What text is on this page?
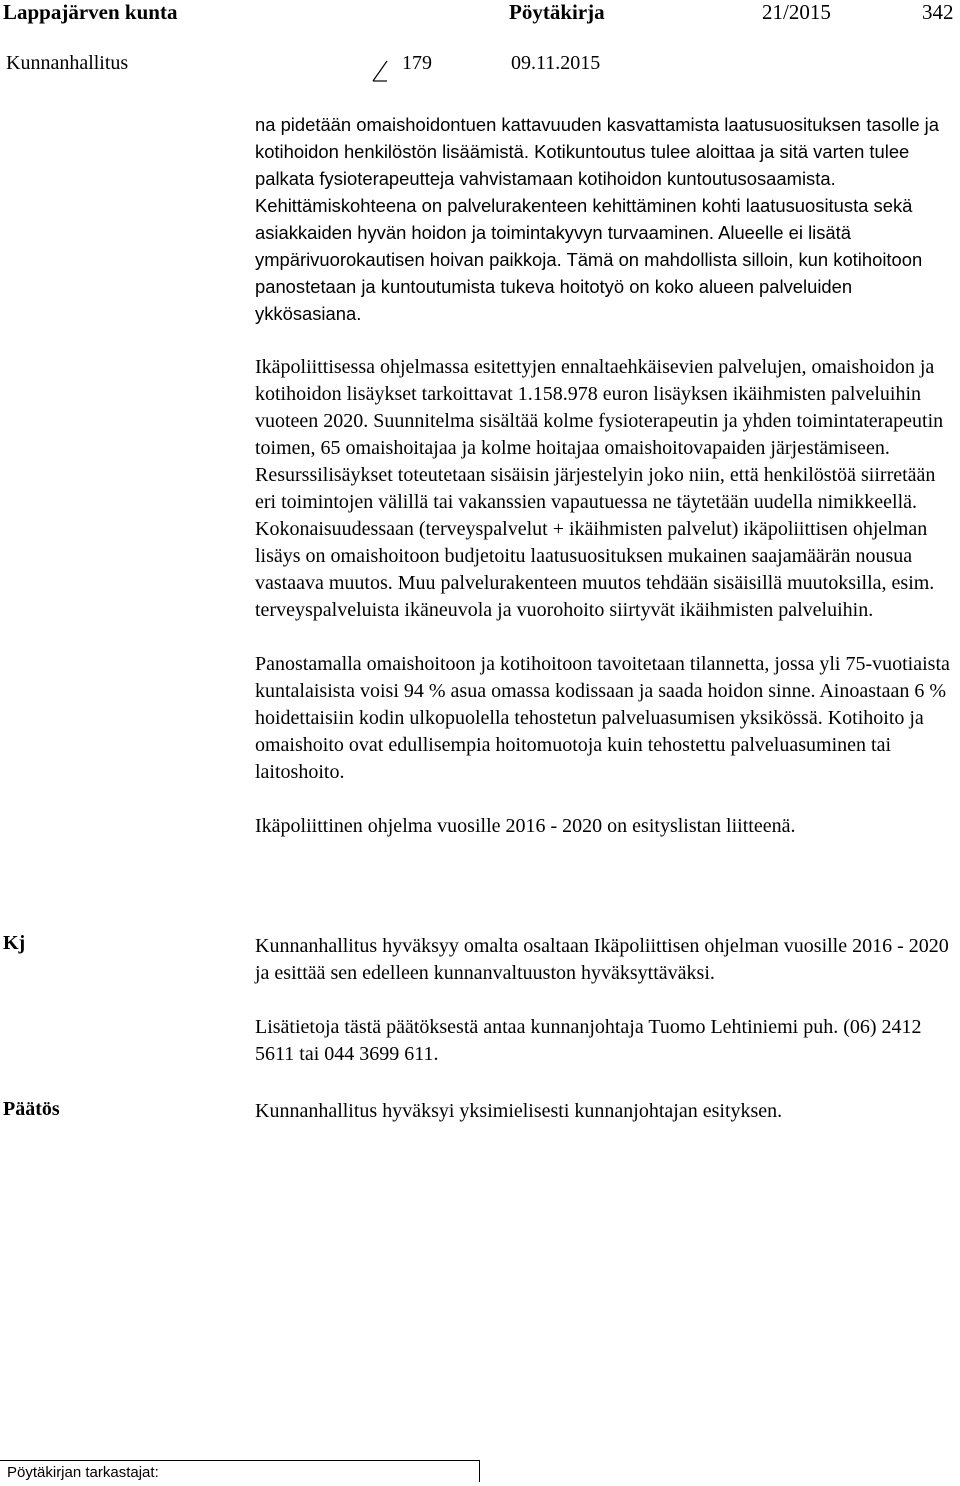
Lappajärven kunta	Pöytäkirja	21/2015	342
Kunnanhallitus	179	09.11.2015

na pidetään omaishoidontuen kattavuuden kasvattamista laatusuosituksen tasolle ja kotihoidon henkilöstön lisäämistä. Kotikuntoutus tulee aloittaa ja sitä varten tulee palkata fysioterapeutteja vahvistamaan kotihoidon kuntoutusosaamista. Kehittämiskohteena on palvelurakenteen kehittäminen kohti laatusuositusta sekä asiakkaiden hyvän hoidon ja toimintakyvyn turvaaminen. Alueelle ei lisätä ympärivuorokautisen hoivan paikkoja. Tämä on mahdollista silloin, kun kotihoitoon panostetaan ja kuntoutumista tukeva hoitotyö on koko alueen palveluiden ykkösasiana.

Ikäpoliittisessa ohjelmassa esitettyjen ennaltaehkäisevien palvelujen, omaishoidon ja kotihoidon lisäykset tarkoittavat 1.158.978 euron lisäyksen ikäihmisten palveluihin vuoteen 2020. Suunnitelma sisältää kolme fysioterapeutin ja yhden toimintaterapeutin toimen, 65 omaishoitajaa ja kolme hoitajaa omaishoitovapaiden järjestämiseen. Resurssilisäykset toteutetaan sisäisin järjestelyin joko niin, että henkilöstöä siirretään eri toimintojen välillä tai vakanssien vapautuessa ne täytetään uudella nimikkeellä. Kokonaisuudessaan (terveyspalvelut + ikäihmisten palvelut) ikäpoliittisen ohjelman lisäys on omaishoitoon budjetoitu laatusuosituksen mukainen saajamäärän nousua vastaava muutos. Muu palvelurakenteen muutos tehdään sisäisillä muutoksilla, esim. terveyspalveluista ikäneuvola ja vuorohoito siirtyvät ikäihmisten palveluihin.

Panostamalla omaishoitoon ja kotihoitoon tavoitetaan tilannetta, jossa yli 75-vuotiaista kuntalaisista voisi 94 % asua omassa kodissaan ja saada hoidon sinne. Ainoastaan 6 % hoidettaisiin kodin ulkopuolella tehostetun palveluasumisen yksikössä. Kotihoito ja omaishoito ovat edullisempia hoitomuotoja kuin tehostettu palveluasuminen tai laitoshoito.

Ikäpoliittinen ohjelma vuosille 2016 - 2020 on esityslistan liitteenä.

Kj	Kunnanhallitus hyväksyy omalta osaltaan Ikäpoliittisen ohjelman vuosille 2016 - 2020 ja esittää sen edelleen kunnanvaltuuston hyväksyttäväksi.

Lisätietoja tästä päätöksestä antaa kunnanjohtaja Tuomo Lehtiniemi puh. (06) 2412 5611 tai 044 3699 611.

Päätös	Kunnanhallitus hyväksyi yksimielisesti kunnanjohtajan esityksen.

Pöytäkirjan tarkastajat:
